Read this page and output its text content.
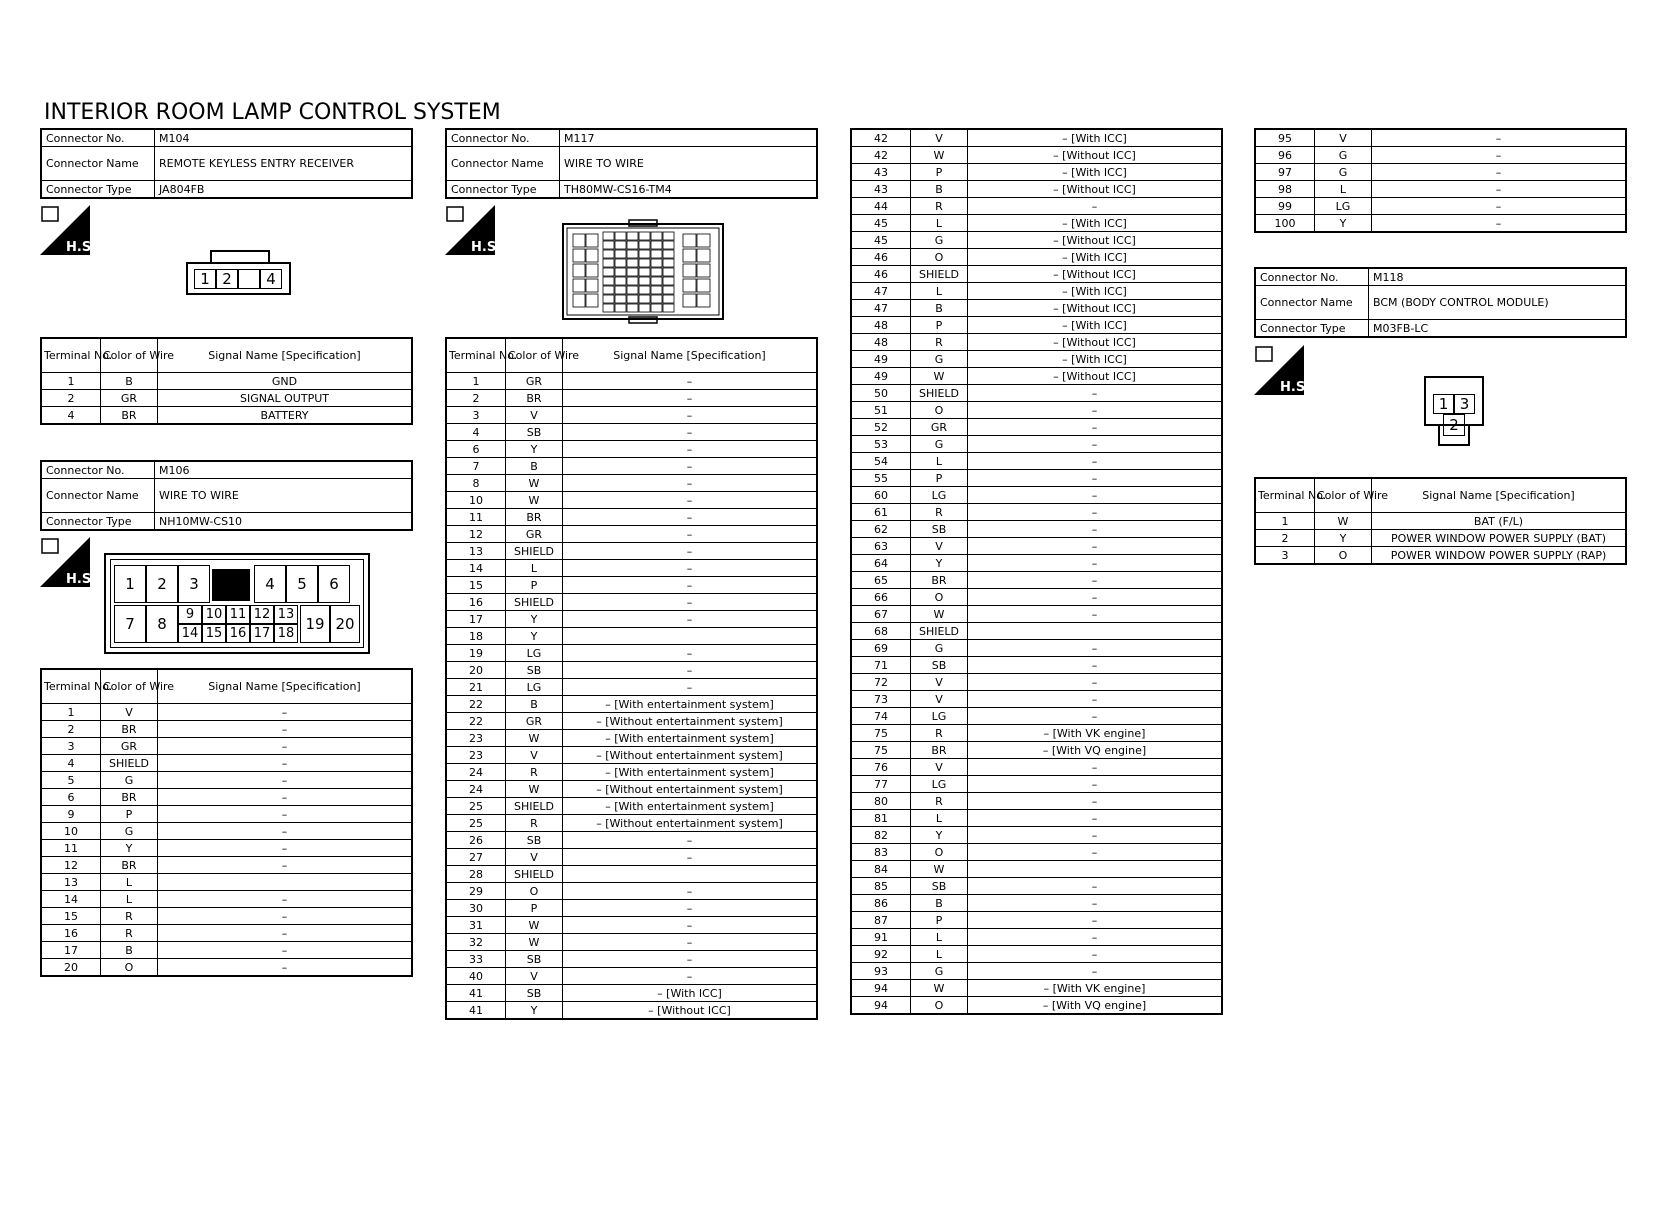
INTERIOR ROOM LAMP CONTROL SYSTEM
Connector No.	M104
Connector Name	REMOTE KEYLESS ENTRY RECEIVER
Connector Type	JA804FB
H.S.
1 2	4
Terminal No.	Color of Wire	Signal Name [Specification]
1	B	GND
2	GR	SIGNAL OUTPUT
4	BR	BATTERY
Connector No.	M106
Connector Name	WIRE TO WIRE
Connector Type	NH10MW-CS10
H.S.	1	2	3	4	5	6
7	8
9 10 11 12 13
14 15 16 17 18
19 20
Terminal No.	Color of Wire	Signal Name [Specification]
1	V	–
2	BR	–
3	GR	–
4	SHIELD	–
5	G	–
6	BR	–
9	P	–
10	G	–
11	Y	–
12	BR	–
13	L	
14	L	–
15	R	–
16	R	–
17	B	–
20	O	–
Connector No.	M117
Connector Name	WIRE TO WIRE
Connector Type	TH80MW-CS16-TM4
H.S.
Terminal No.	Color of Wire	Signal Name [Specification]
1	GR	–
2	BR	–
3	V	–
4	SB	–
6	Y	–
7	B	–
8	W	–
10	W	–
11	BR	–
12	GR	–
13	SHIELD	–
14	L	–
15	P	–
16	SHIELD	–
17	Y	–
18	Y	
19	LG	–
20	SB	–
21	LG	–
22	B	– [With entertainment system]
22	GR	– [Without entertainment system]
23	W	– [With entertainment system]
23	V	– [Without entertainment system]
24	R	– [With entertainment system]
24	W	– [Without entertainment system]
25	SHIELD	– [With entertainment system]
25	R	– [Without entertainment system]
26	SB	–
27	V	–
28	SHIELD	
29	O	–
30	P	–
31	W	–
32	W	–
33	SB	–
40	V	–
41	SB	– [With ICC]
41	Y	– [Without ICC]
42	V	– [With ICC]
42	W	– [Without ICC]
43	P	– [With ICC]
43	B	– [Without ICC]
44	R	–
45	L	– [With ICC]
45	G	– [Without ICC]
46	O	– [With ICC]
46	SHIELD	– [Without ICC]
47	L	– [With ICC]
47	B	– [Without ICC]
48	P	– [With ICC]
48	R	– [Without ICC]
49	G	– [With ICC]
49	W	– [Without ICC]
50	SHIELD	–
51	O	–
52	GR	–
53	G	–
54	L	–
55	P	–
60	LG	–
61	R	–
62	SB	–
63	V	–
64	Y	–
65	BR	–
66	O	–
67	W	–
68	SHIELD	
69	G	–
71	SB	–
72	V	–
73	V	–
74	LG	–
75	R	– [With VK engine]
75	BR	– [With VQ engine]
76	V	–
77	LG	–
80	R	–
81	L	–
82	Y	–
83	O	–
84	W	
85	SB	–
86	B	–
87	P	–
91	L	–
92	L	–
93	G	–
94	W	– [With VK engine]
94	O	– [With VQ engine]
95	V	–
96	G	–
97	G	–
98	L	–
99	LG	–
100	Y	–
Connector No.	M118
Connector Name	BCM (BODY CONTROL MODULE)
Connector Type	M03FB-LC
H.S.
1 3
2
Terminal No.	Color of Wire	Signal Name [Specification]
1	W	BAT (F/L)
2	Y	POWER WINDOW POWER SUPPLY (BAT)
3	O	POWER WINDOW POWER SUPPLY (RAP)
